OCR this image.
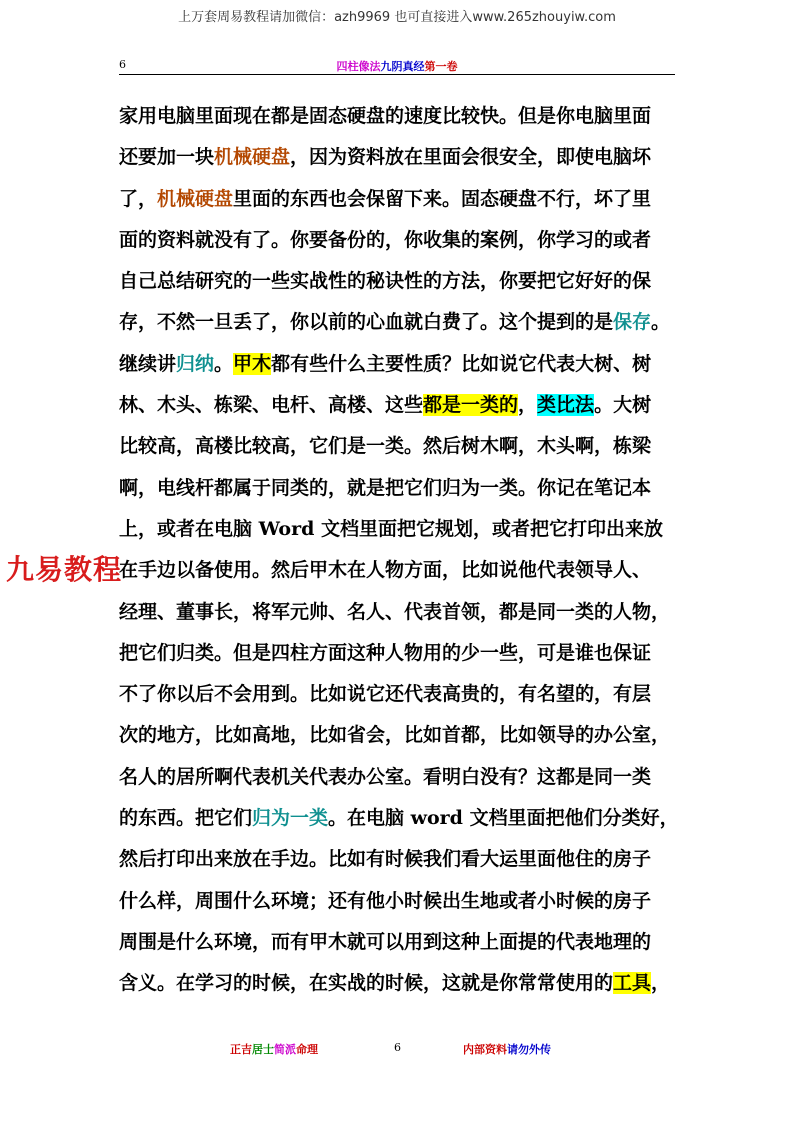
上万套周易教程请加微信：azh9969 也可直接进入www.265zhouyiw.com
6	四柱像法九阴真经第一卷
家用电脑里面现在都是固态硬盘的速度比较快。但是你电脑里面
还要加一块机械硬盘，因为资料放在里面会很安全，即使电脑坏
了，机械硬盘里面的东西也会保留下来。固态硬盘不行，坏了里
面的资料就没有了。你要备份的，你收集的案例，你学习的或者
自己总结研究的一些实战性的秘诀性的方法，你要把它好好的保
存，不然一旦丢了，你以前的心血就白费了。这个提到的是保存。
继续讲归纳。甲木都有些什么主要性质？比如说它代表大树、树
林、木头、栋梁、电杆、高楼、这些都是一类的，类比法。大树
比较高，高楼比较高，它们是一类。然后树木啊，木头啊，栋梁
啊，电线杆都属于同类的，就是把它们归为一类。你记在笔记本
上，或者在电脑 Word 文档里面把它规划，或者把它打印出来放
在手边以备使用。然后甲木在人物方面，比如说他代表领导人、
经理、董事长，将军元帅、名人、代表首领，都是同一类的人物，
把它们归类。但是四柱方面这种人物用的少一些，可是谁也保证
不了你以后不会用到。比如说它还代表高贵的，有名望的，有层
次的地方，比如高地，比如省会，比如首都，比如领导的办公室，
名人的居所啊代表机关代表办公室。看明白没有？这都是同一类
的东西。把它们归为一类。在电脑 word 文档里面把他们分类好，
然后打印出来放在手边。比如有时候我们看大运里面他住的房子
什么样，周围什么环境；还有他小时候出生地或者小时候的房子
周围是什么环境，而有甲木就可以用到这种上面提的代表地理的
含义。在学习的时候，在实战的时候，这就是你常常使用的工具，
九易教程
正吉居士简派命理	6	内部资料请勿外传
